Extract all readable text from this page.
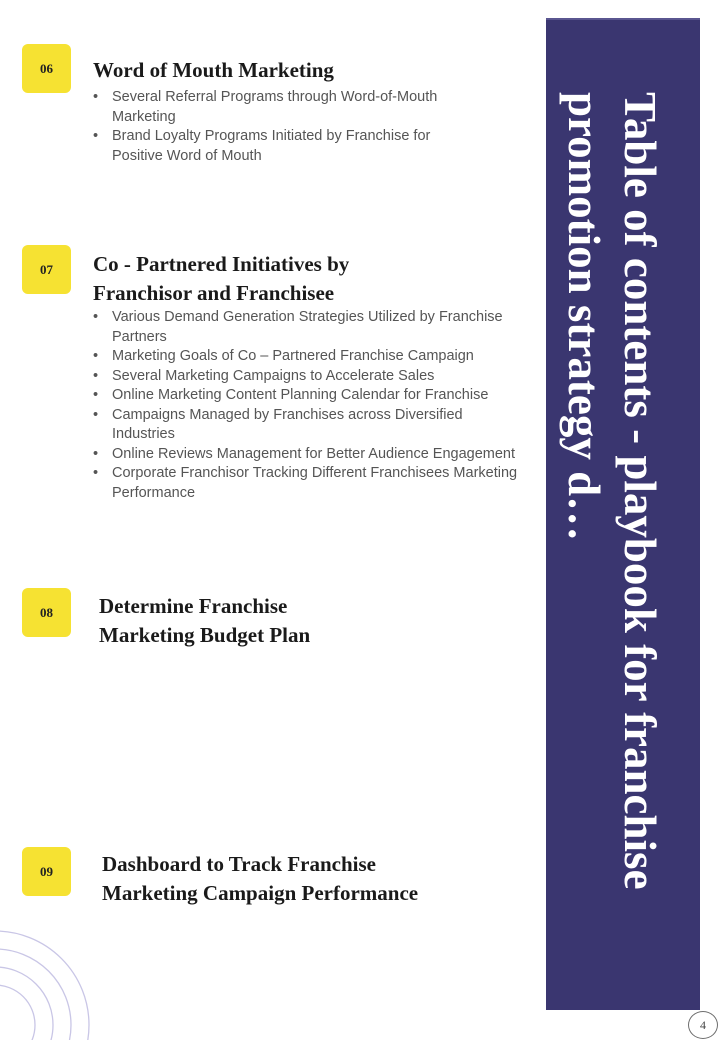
06	Word of Mouth Marketing
• Several Referral Programs through Word-of-Mouth Marketing
• Brand Loyalty Programs Initiated by Franchise for Positive Word of Mouth
07	Co - Partnered Initiatives by Franchisor and Franchisee
• Various Demand Generation Strategies Utilized by Franchise Partners
• Marketing Goals of Co – Partnered Franchise Campaign
• Several Marketing Campaigns to Accelerate Sales
• Online Marketing Content Planning Calendar for Franchise
• Campaigns Managed by Franchises across Diversified Industries
• Online Reviews Management for Better Audience Engagement
• Corporate Franchisor Tracking Different Franchisees Marketing Performance
08	Determine Franchise Marketing Budget Plan
09	Dashboard to Track Franchise Marketing Campaign Performance
Table of contents - playbook for franchise promotion strategy d…
4
